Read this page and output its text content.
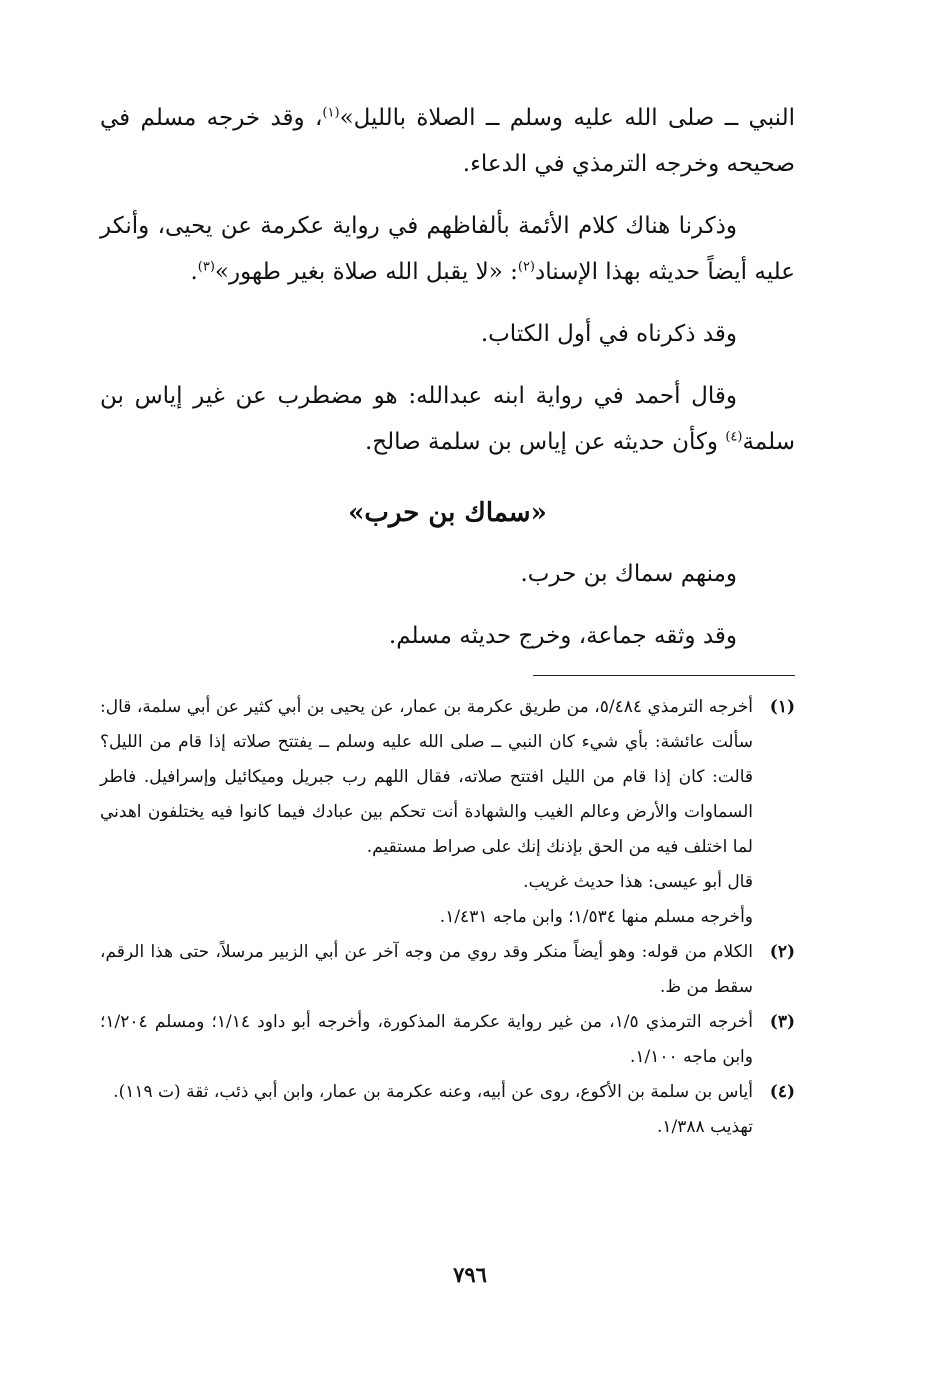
النبي ــ صلى الله عليه وسلم ــ الصلاة بالليل»$^{(١)}$، وقد خرجه مسلم في صحيحه وخرجه الترمذي في الدعاء.

وذكرنا هناك كلام الأئمة بألفاظهم في رواية عكرمة عن يحيى، وأنكر عليه أيضاً حديثه بهذا الإسناد$^{(٢)}$: «لا يقبل الله صلاة بغير طهور»$^{(٣)}$.

وقد ذكرناه في أول الكتاب.

وقال أحمد في رواية ابنه عبدالله: هو مضطرب عن غير إياس بن سلمة$^{(٤)}$ وكأن حديثه عن إياس بن سلمة صالح.

«سماك بن حرب»

ومنهم سماك بن حرب.

وقد وثقه جماعة، وخرج حديثه مسلم.

(١)
أخرجه الترمذي ٥/٤٨٤، من طريق عكرمة بن عمار، عن يحيى بن أبي كثير عن أبي سلمة، قال: سألت عائشة: بأي شيء كان النبي ــ صلى الله عليه وسلم ــ يفتتح صلاته إذا قام من الليل؟ قالت: كان إذا قام من الليل افتتح صلاته، فقال اللهم رب جبريل وميكائيل وإسرافيل. فاطر السماوات والأرض وعالم الغيب والشهادة أنت تحكم بين عبادك فيما كانوا فيه يختلفون اهدني لما اختلف فيه من الحق بإذنك إنك على صراط مستقيم.
قال أبو عيسى: هذا حديث غريب.
وأخرجه مسلم منها ١/٥٣٤؛ وابن ماجه ١/٤٣١.
(٢)
الكلام من قوله: وهو أيضاً منكر وقد روي من وجه آخر عن أبي الزبير مرسلاً، حتى هذا الرقم، سقط من ظ.
(٣)
أخرجه الترمذي ١/٥، من غير رواية عكرمة المذكورة، وأخرجه أبو داود ١/١٤؛ ومسلم ١/٢٠٤؛ وابن ماجه ١/١٠٠.
(٤)
أياس بن سلمة بن الأكوع، روى عن أبيه، وعنه عكرمة بن عمار، وابن أبي ذئب، ثقة (ت ١١٩).
تهذيب ١/٣٨٨.
٧٩٦
